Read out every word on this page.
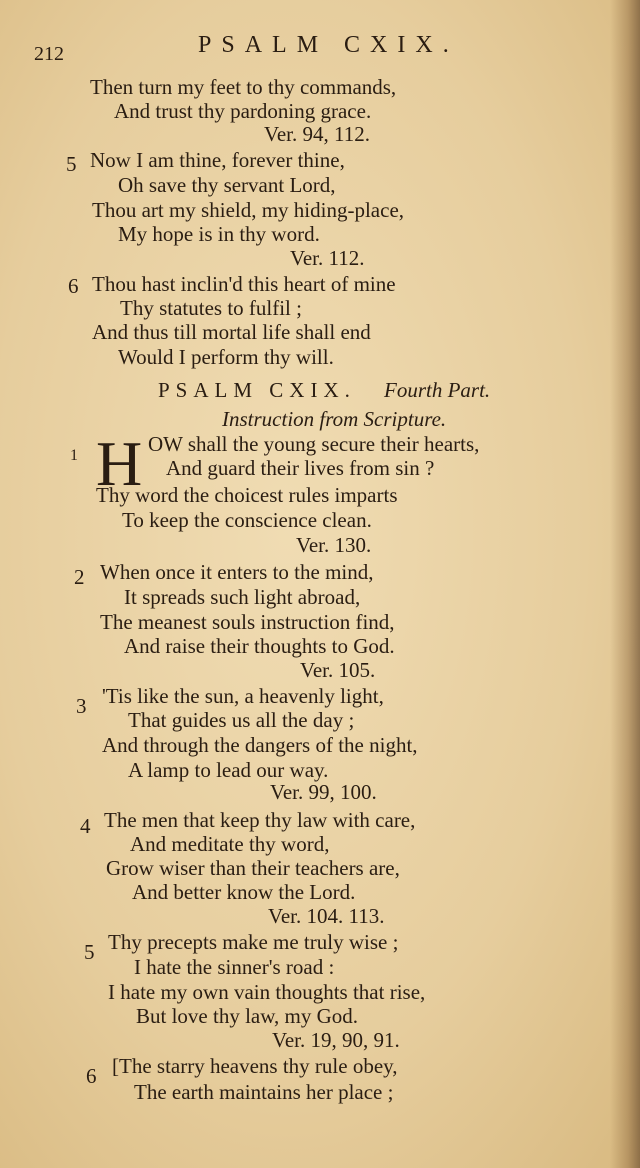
212	PSALM CXIX.
Then turn my feet to thy commands,
And trust thy pardoning grace.
Ver. 94, 112.
5 Now I am thine, forever thine,
Oh save thy servant Lord,
Thou art my shield, my hiding-place,
My hope is in thy word.
Ver. 112.
6 Thou hast inclin'd this heart of mine
Thy statutes to fulfil ;
And thus till mortal life shall end
Would I perform thy will.
PSALM CXIX. Fourth Part.
Instruction from Scripture.
1 H OW shall the young secure their hearts,
And guard their lives from sin ?
Thy word the choicest rules imparts
To keep the conscience clean.
Ver. 130.
2 When once it enters to the mind,
It spreads such light abroad,
The meanest souls instruction find,
And raise their thoughts to God.
Ver. 105.
3 'Tis like the sun, a heavenly light,
That guides us all the day ;
And through the dangers of the night,
A lamp to lead our way.
Ver. 99, 100.
4 The men that keep thy law with care,
And meditate thy word,
Grow wiser than their teachers are,
And better know the Lord.
Ver. 104. 113.
5 Thy precepts make me truly wise ;
I hate the sinner's road :
I hate my own vain thoughts that rise,
But love thy law, my God.
Ver. 19, 90, 91.
6 [The starry heavens thy rule obey,
The earth maintains her place ;
